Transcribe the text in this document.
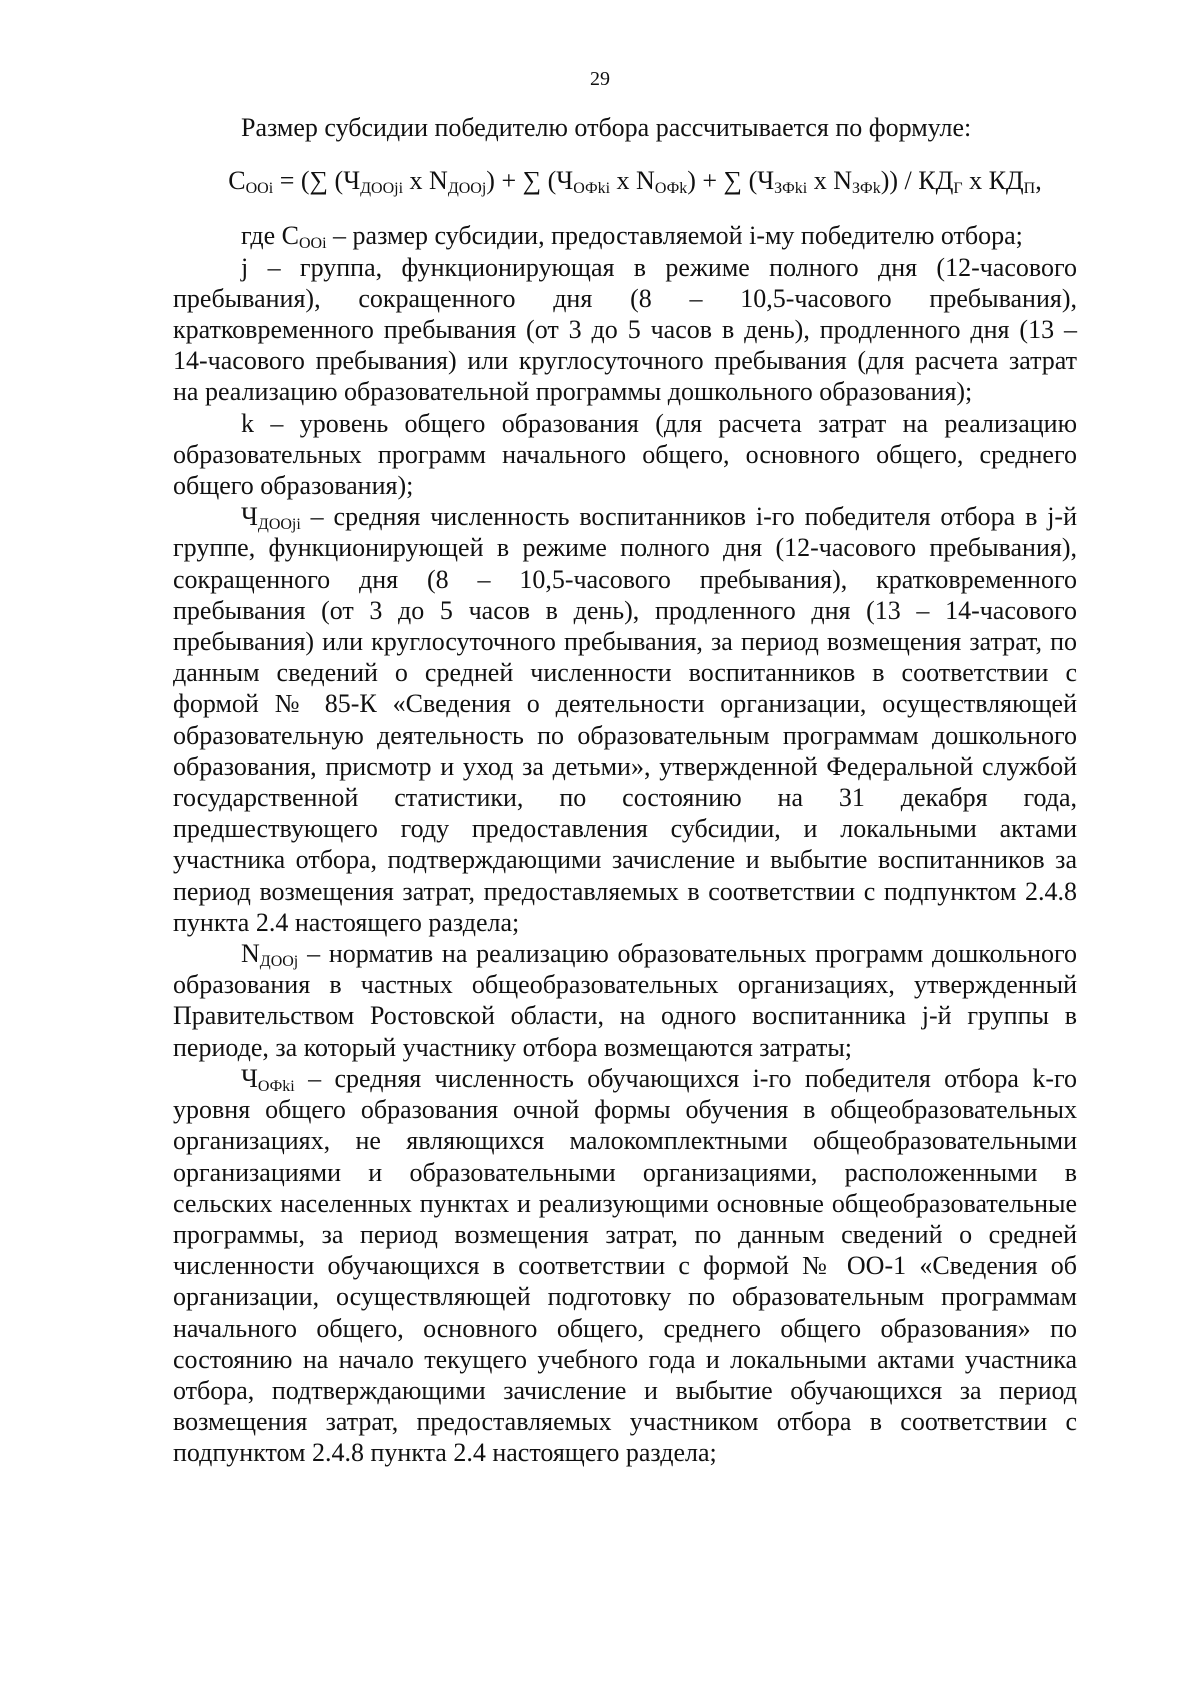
29

Размер субсидии победителю отбора рассчитывается по формуле:

$С_{ООi}$ = (∑ ($Ч_{ДООji}$ x $N_{ДООj}$) + ∑ ($Ч_{ОФki}$ x $N_{ОФk}$) + ∑ ($Ч_{ЗФki}$ x $N_{ЗФk})) / КД_Г$ x $КД_П$,

где $С_{ООi}$ – размер субсидии, предоставляемой i-му победителю отбора;

j – группа, функционирующая в режиме полного дня (12-часового пребывания), сокращенного дня (8 – 10,5-часового пребывания), кратковременного пребывания (от 3 до 5 часов в день), продленного дня (13 – 14-часового пребывания) или круглосуточного пребывания (для расчета затрат на реализацию образовательной программы дошкольного образования);

k – уровень общего образования (для расчета затрат на реализацию образовательных программ начального общего, основного общего, среднего общего образования);

$Ч_{ДООji}$ – средняя численность воспитанников i-го победителя отбора в j-й группе, функционирующей в режиме полного дня (12-часового пребывания), сокращенного дня (8 – 10,5-часового пребывания), кратковременного пребывания (от 3 до 5 часов в день), продленного дня (13 – 14-часового пребывания) или круглосуточного пребывания, за период возмещения затрат, по данным сведений о средней численности воспитанников в соответствии с формой № 85-К «Сведения о деятельности организации, осуществляющей образовательную деятельность по образовательным программам дошкольного образования, присмотр и уход за детьми», утвержденной Федеральной службой государственной статистики, по состоянию на 31 декабря года, предшествующего году предоставления субсидии, и локальными актами участника отбора, подтверждающими зачисление и выбытие воспитанников за период возмещения затрат, предоставляемых в соответствии с подпунктом 2.4.8 пункта 2.4 настоящего раздела;

$N_{ДООj}$ – норматив на реализацию образовательных программ дошкольного образования в частных общеобразовательных организациях, утвержденный Правительством Ростовской области, на одного воспитанника j-й группы в периоде, за который участнику отбора возмещаются затраты;

$Ч_{ОФki}$ – средняя численность обучающихся i-го победителя отбора k-го уровня общего образования очной формы обучения в общеобразовательных организациях, не являющихся малокомплектными общеобразовательными организациями и образовательными организациями, расположенными в сельских населенных пунктах и реализующими основные общеобразовательные программы, за период возмещения затрат, по данным сведений о средней численности обучающихся в соответствии с формой № ОО-1 «Сведения об организации, осуществляющей подготовку по образовательным программам начального общего, основного общего, среднего общего образования» по состоянию на начало текущего учебного года и локальными актами участника отбора, подтверждающими зачисление и выбытие обучающихся за период возмещения затрат, предоставляемых участником отбора в соответствии с подпунктом 2.4.8 пункта 2.4 настоящего раздела;
